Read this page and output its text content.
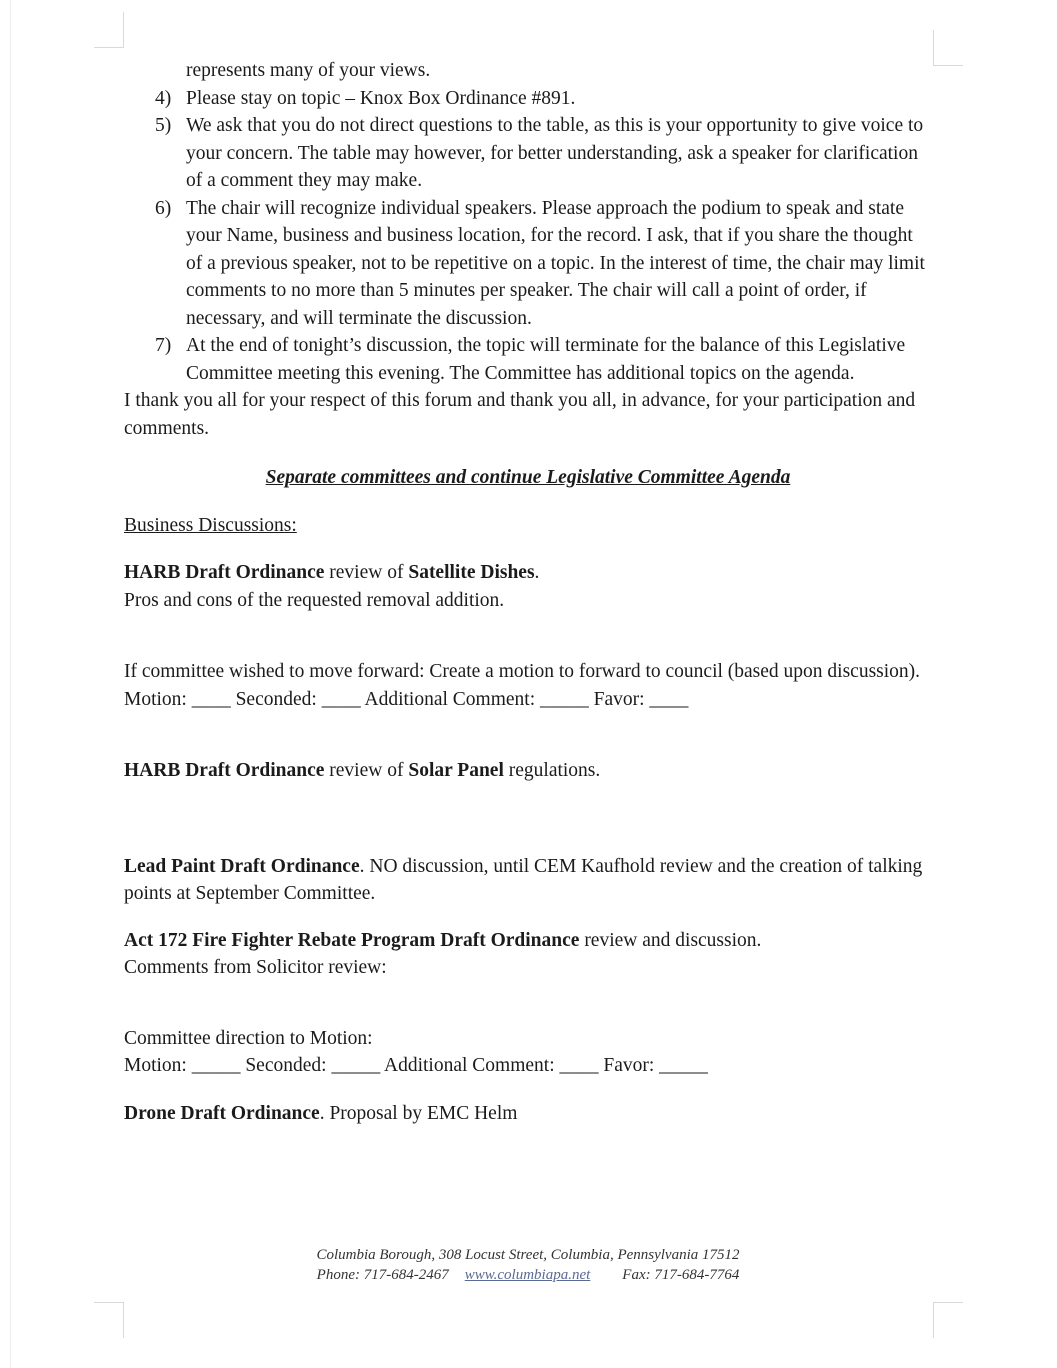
represents many of your views.
4) Please stay on topic – Knox Box Ordinance #891.
5) We ask that you do not direct questions to the table, as this is your opportunity to give voice to your concern. The table may however, for better understanding, ask a speaker for clarification of a comment they may make.
6) The chair will recognize individual speakers. Please approach the podium to speak and state your Name, business and business location, for the record. I ask, that if you share the thought of a previous speaker, not to be repetitive on a topic. In the interest of time, the chair may limit comments to no more than 5 minutes per speaker. The chair will call a point of order, if necessary, and will terminate the discussion.
7) At the end of tonight’s discussion, the topic will terminate for the balance of this Legislative Committee meeting this evening. The Committee has additional topics on the agenda.

I thank you all for your respect of this forum and thank you all, in advance, for your participation and comments.

Separate committees and continue Legislative Committee Agenda

Business Discussions:

HARB Draft Ordinance review of Satellite Dishes.

Pros and cons of the requested removal addition.

If committee wished to move forward: Create a motion to forward to council (based upon discussion).

Motion: ____ Seconded: ____ Additional Comment: _____ Favor: ____

HARB Draft Ordinance review of Solar Panel regulations.

Lead Paint Draft Ordinance. NO discussion, until CEM Kaufhold review and the creation of talking points at September Committee.

Act 172 Fire Fighter Rebate Program Draft Ordinance review and discussion.

Comments from Solicitor review:

Committee direction to Motion:

Motion: _____ Seconded: _____ Additional Comment: ____ Favor: _____

Drone Draft Ordinance. Proposal by EMC Helm

Columbia Borough, 308 Locust Street, Columbia, Pennsylvania 17512
Phone: 717-684-2467 www.columbiapa.net Fax: 717-684-7764
